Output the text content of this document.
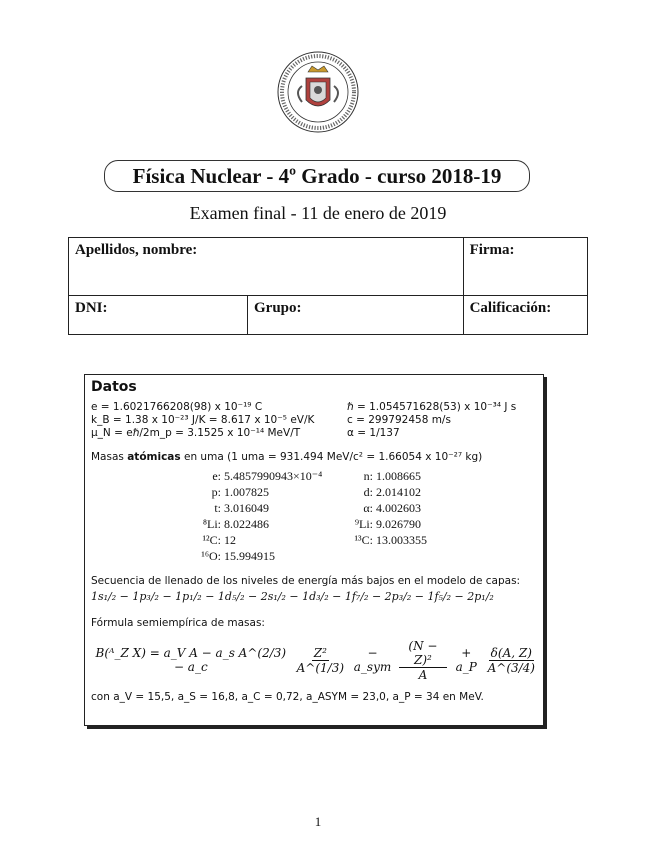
Física Nuclear - 4º Grado - curso 2018-19
Examen final - 11 de enero de 2019
Apellidos, nombre:		Firma:
DNI:	Grupo:	Calificación:
Datos
e = 1.6021766208(98) x 10⁻¹⁹ C	ℏ = 1.054571628(53) x 10⁻³⁴ J s
k_B = 1.38 x 10⁻²³ J/K = 8.617 x 10⁻⁵ eV/K	c = 299792458 m/s
μ_N = eℏ/2m_p = 3.1525 x 10⁻¹⁴ MeV/T	α = 1/137
Masas atómicas en uma (1 uma = 931.494 MeV/c² = 1.66054 x 10⁻²⁷ kg)
e: 5.4857990943×10⁻⁴	n: 1.008665
p: 1.007825	d: 2.014102
t: 3.016049	α: 4.002603
⁸Li: 8.022486	⁹Li: 9.026790
¹²C: 12	¹³C: 13.003355
¹⁶O: 15.994915
Secuencia de llenado de los niveles de energía más bajos en el modelo de capas:
1s₁/₂ − 1p₃/₂ − 1p₁/₂ − 1d₅/₂ − 2s₁/₂ − 1d₃/₂ − 1f₇/₂ − 2p₃/₂ − 1f₅/₂ − 2p₁/₂
Fórmula semiempírica de masas:
B(ᴬ_Z X) = a_V A − a_s A^(2/3) − a_c	$\frac{\text{Z²}}{A\^{}(1/3)}$	− a_sym $\frac{\text{(N − Z)²}}{A}$	+ a_P $\frac{\delta(A, Z)}{A\^{}(3/4)}$
con a_V = 15,5, a_S = 16,8, a_C = 0,72, a_ASYM = 23,0, a_P = 34 en MeV.
1
